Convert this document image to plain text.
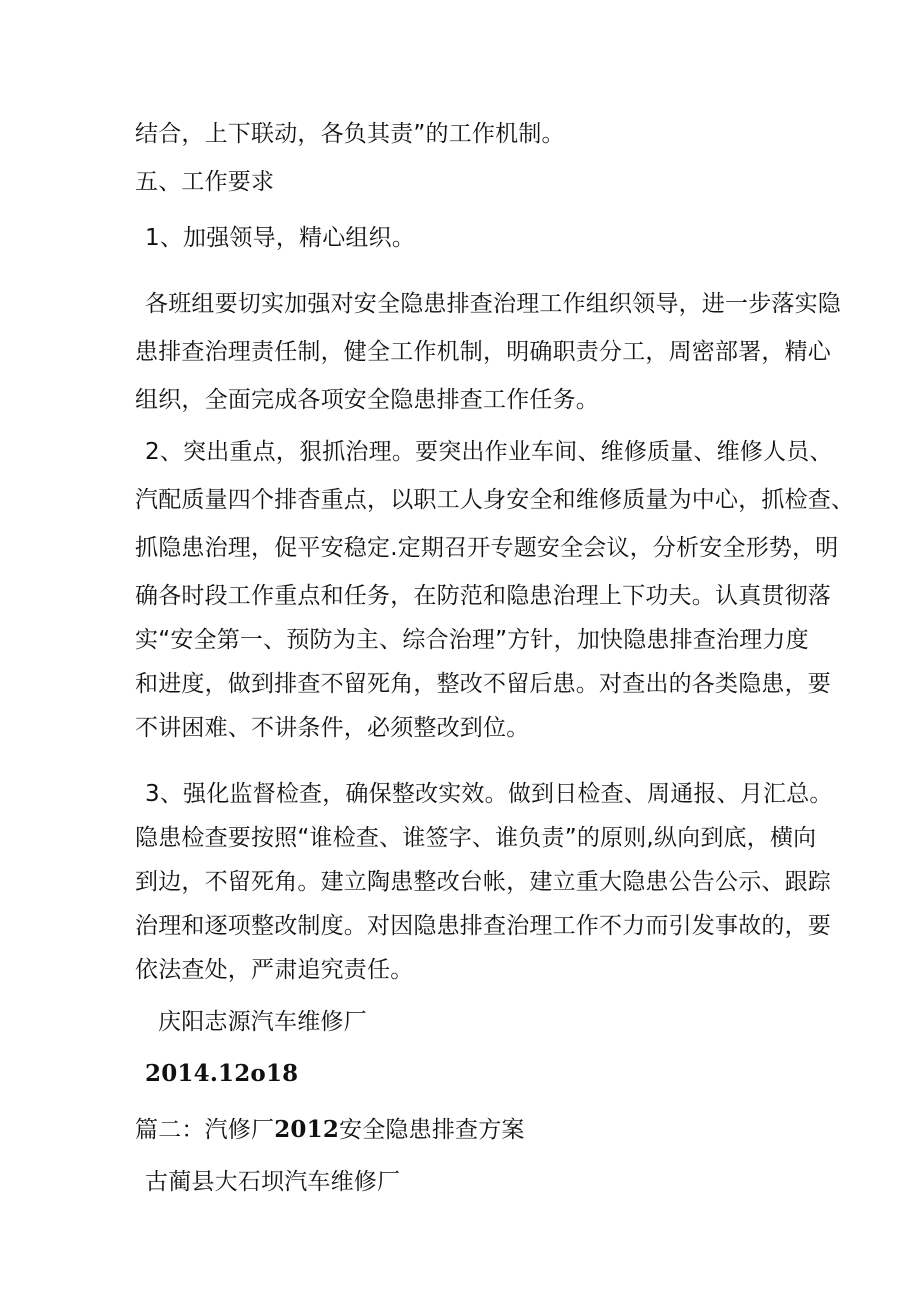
结合，上下联动，各负其责”的工作机制。
五、工作要求
1、加强领导，精心组织。
各班组要切实加强对安全隐患排查治理工作组织领导，进一步落实隐
患排查治理责任制，健全工作机制，明确职责分工，周密部署，精心
组织，全面完成各项安全隐患排查工作任务。
2、突出重点，狠抓治理。要突出作业车间、维修质量、维修人员、
汽配质量四个排杳重点，以职工人身安全和维修质量为中心，抓检查、
抓隐患治理，促平安稳定.定期召开专题安全会议，分析安全形势，明
确各时段工作重点和任务，在防范和隐患治理上下功夫。认真贯彻落
实“安全第一、预防为主、综合治理”方针，加快隐患排查治理力度
和进度，做到排查不留死角，整改不留后患。对查出的各类隐患，要
不讲困难、不讲条件，必须整改到位。
3、强化监督检查，确保整改实效。做到日检查、周通报、月汇总。
隐患检查要按照“谁检查、谁签字、谁负责”的原则,纵向到底，横向
到边，不留死角。建立陶患整改台帐，建立重大隐患公告公示、跟踪
治理和逐项整改制度。对因隐患排查治理工作不力而引发事故的，要
依法查处，严肃追究责任。
庆阳志源汽车维修厂
2014.12o18
篇二：汽修厂2012安全隐患排查方案
古蔺县大石坝汽车维修厂
